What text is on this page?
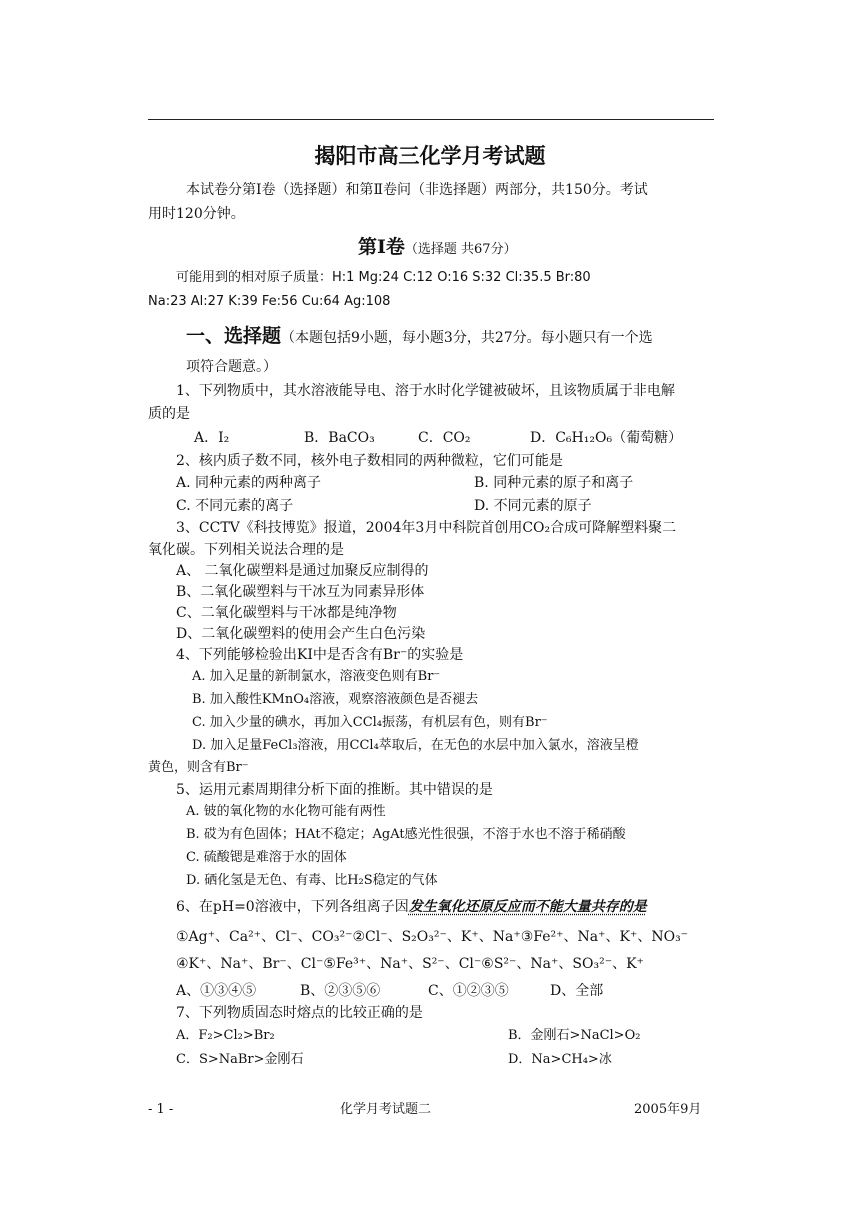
揭阳市高三化学月考试题
本试卷分第Ⅰ卷（选择题）和第Ⅱ卷问（非选择题）两部分，共150分。考试
用时120分钟。
第Ⅰ卷（选择题 共67分）
可能用到的相对原子质量：H:1 Mg:24 C:12 O:16 S:32 Cl:35.5 Br:80
Na:23 Al:27 K:39 Fe:56 Cu:64 Ag:108
一、选择题（本题包括9小题，每小题3分，共27分。每小题只有一个选
项符合题意。）
1、下列物质中，其水溶液能导电、溶于水时化学键被破坏，且该物质属于非电解
质的是
A．I₂	B．BaCO₃	C．CO₂	D．C₆H₁₂O₆（葡萄糖）
2、核内质子数不同，核外电子数相同的两种微粒，它们可能是
A. 同种元素的两种离子	B. 同种元素的原子和离子
C. 不同元素的离子	D. 不同元素的原子
3、CCTV《科技博览》报道，2004年3月中科院首创用CO₂合成可降解塑料聚二
氧化碳。下列相关说法合理的是
A、 二氧化碳塑料是通过加聚反应制得的
B、二氧化碳塑料与干冰互为同素异形体
C、二氧化碳塑料与干冰都是纯净物
D、二氧化碳塑料的使用会产生白色污染
4、下列能够检验出KI中是否含有Br⁻的实验是
A. 加入足量的新制氯水，溶液变色则有Br⁻
B. 加入酸性KMnO₄溶液，观察溶液颜色是否褪去
C. 加入少量的碘水，再加入CCl₄振荡，有机层有色，则有Br⁻
D. 加入足量FeCl₃溶液，用CCl₄萃取后，在无色的水层中加入氯水，溶液呈橙
黄色，则含有Br⁻
5、运用元素周期律分析下面的推断。其中错误的是
A. 铍的氧化物的水化物可能有两性
B. 砹为有色固体；HAt不稳定；AgAt感光性很强，不溶于水也不溶于稀硝酸
C. 硫酸锶是难溶于水的固体
D. 硒化氢是无色、有毒、比H₂S稳定的气体
6、在pH=0溶液中，下列各组离子因发生氧化还原反应而不能大量共存的是
①Ag⁺、Ca²⁺、Cl⁻、CO₃²⁻②Cl⁻、S₂O₃²⁻、K⁺、Na⁺③Fe²⁺、Na⁺、K⁺、NO₃⁻
④K⁺、Na⁺、Br⁻、Cl⁻⑤Fe³⁺、Na⁺、S²⁻、Cl⁻⑥S²⁻、Na⁺、SO₃²⁻、K⁺
A、①③④⑤	B、②③⑤⑥	C、①②③⑤	D、全部
7、下列物质固态时熔点的比较正确的是
A．F₂>Cl₂>Br₂	B．金刚石>NaCl>O₂
C．S>NaBr>金刚石	D．Na>CH₄>冰
- 1 -	化学月考试题二	2005年9月
